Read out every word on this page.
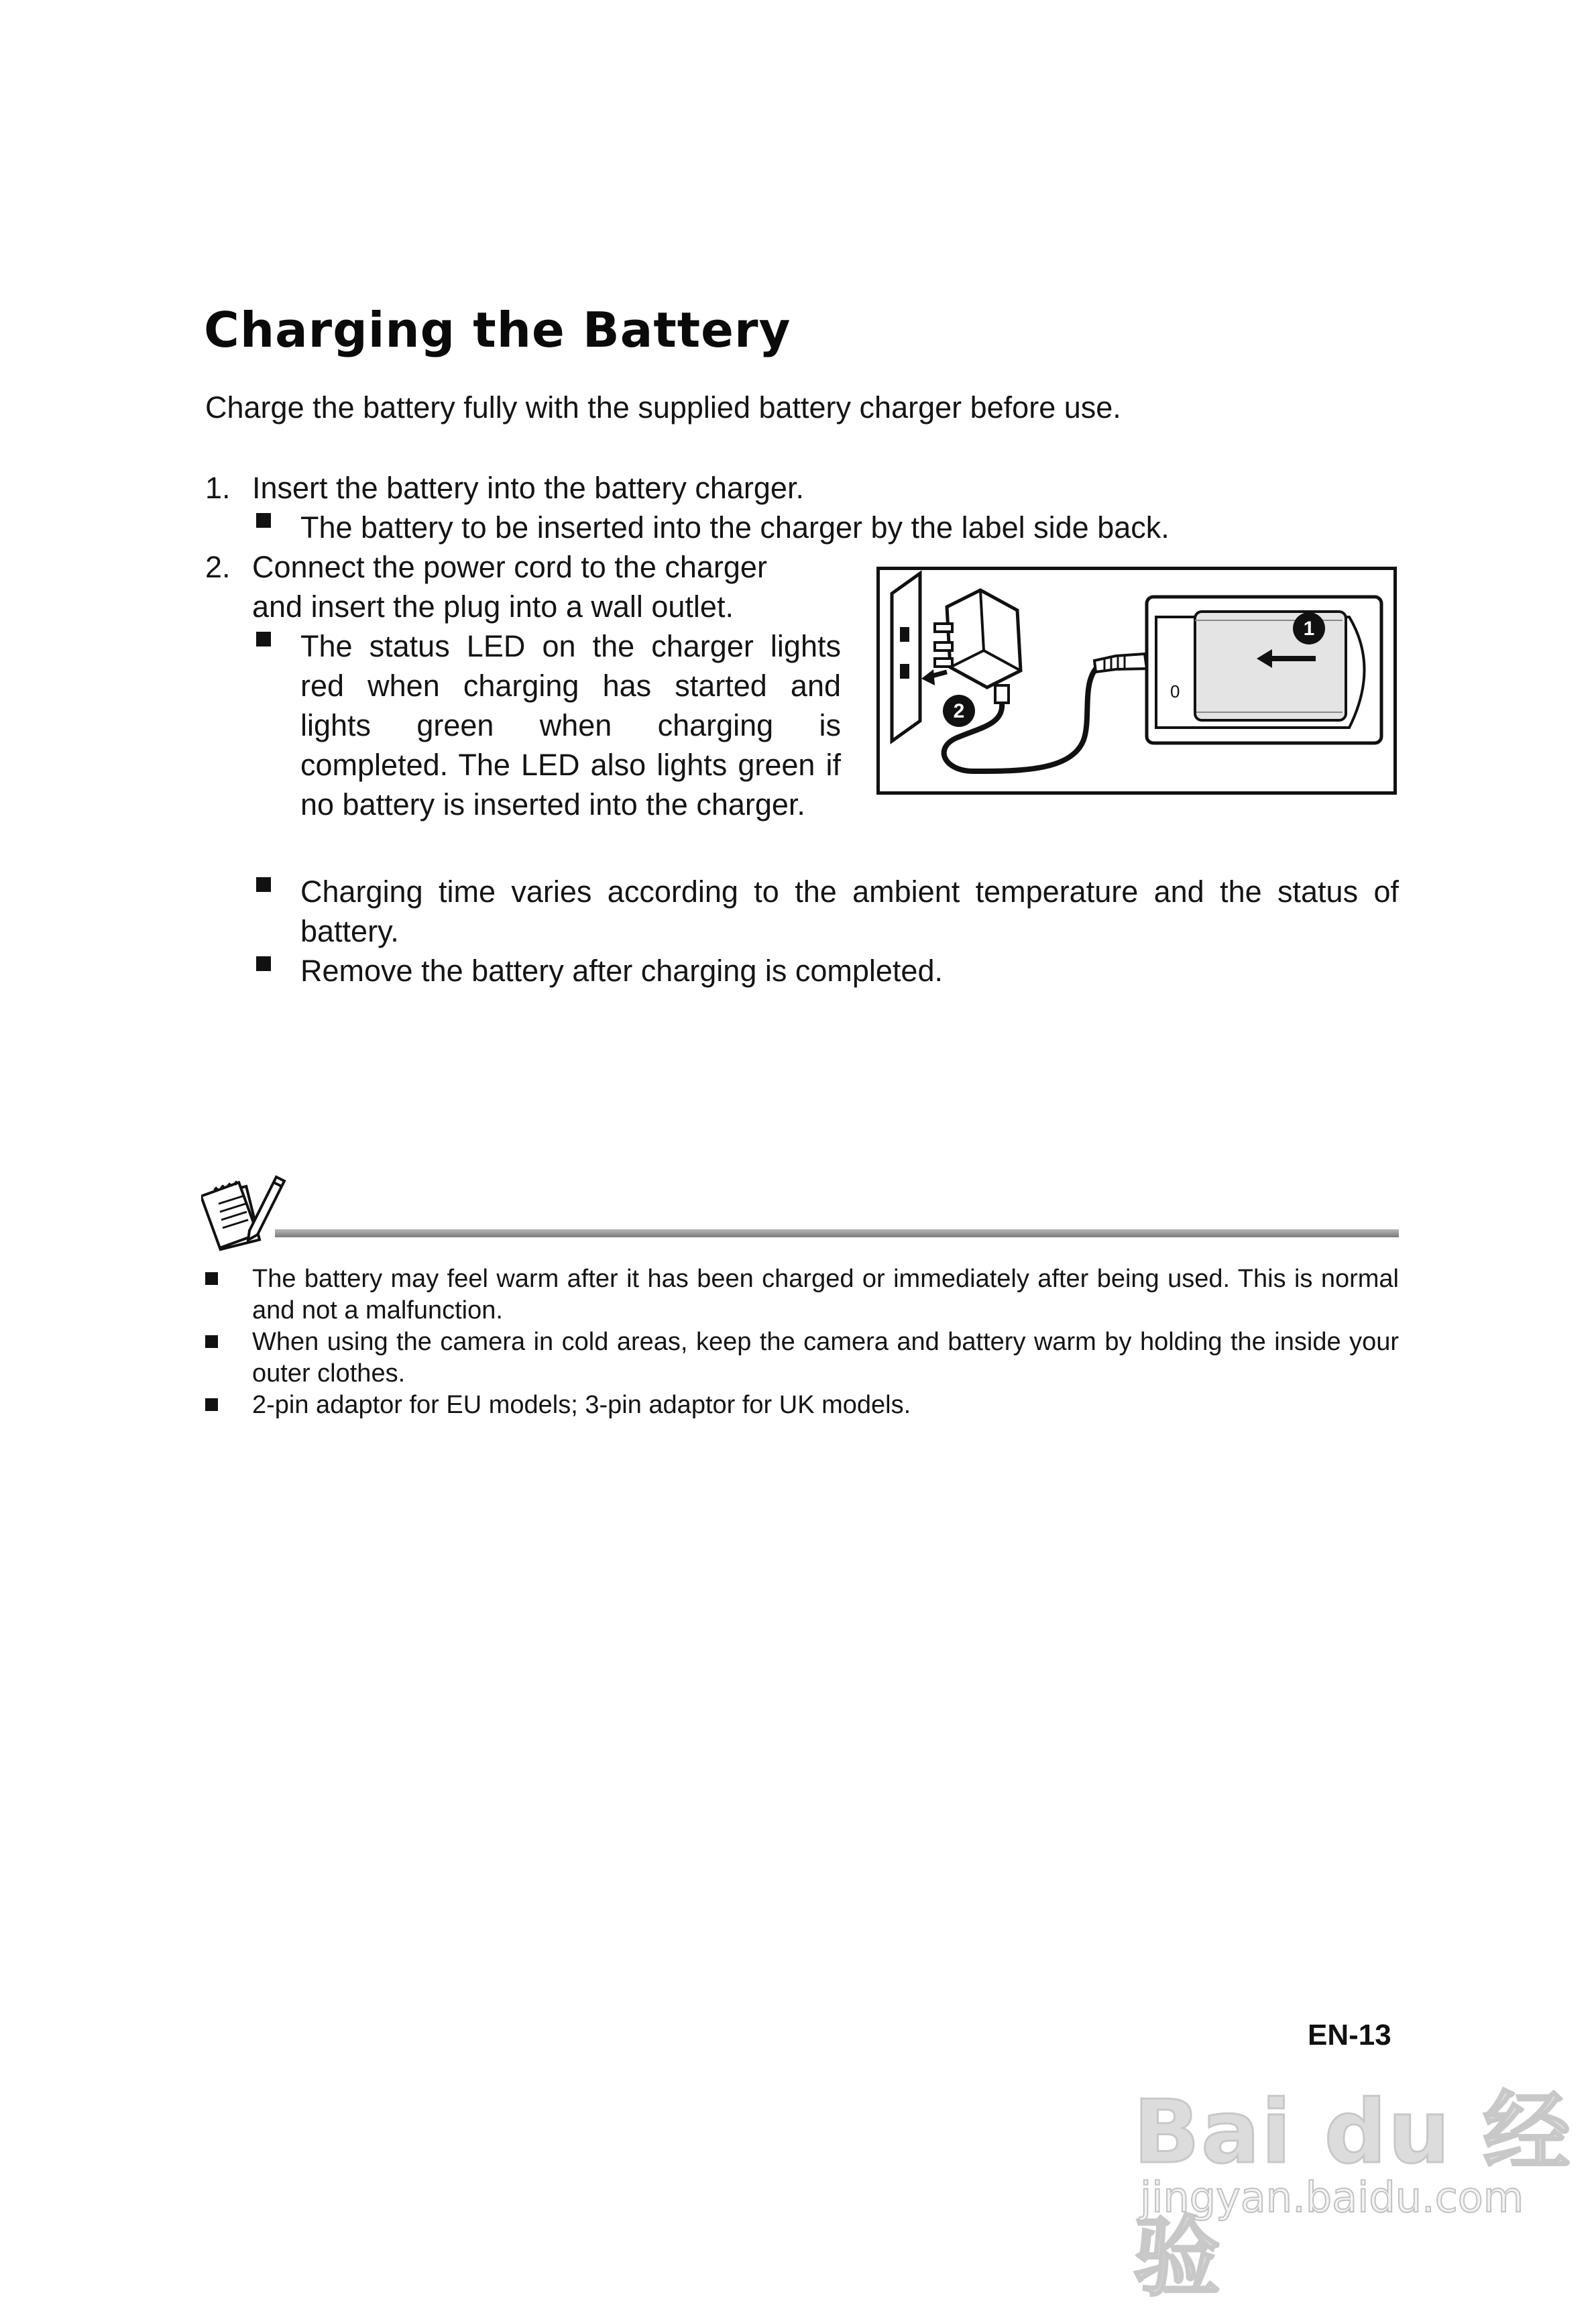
Charging the Battery
Charge the battery fully with the supplied battery charger before use.
1. Insert the battery into the battery charger.
The battery to be inserted into the charger by the label side back.
2. Connect the power cord to the charger
and insert the plug into a wall outlet.
The status LED on the charger lights red when charging has started and lights green when charging is completed. The LED also lights green if no battery is inserted into the charger.
Charging time varies according to the ambient temperature and the status of battery.
Remove the battery after charging is completed.
0
1
2
The battery may feel warm after it has been charged or immediately after being used. This is normal and not a malfunction.
When using the camera in cold areas, keep the camera and battery warm by holding the inside your outer clothes.
2-pin adaptor for EU models; 3-pin adaptor for UK models.
EN-13
Bai du 经验
jingyan.baidu.com
